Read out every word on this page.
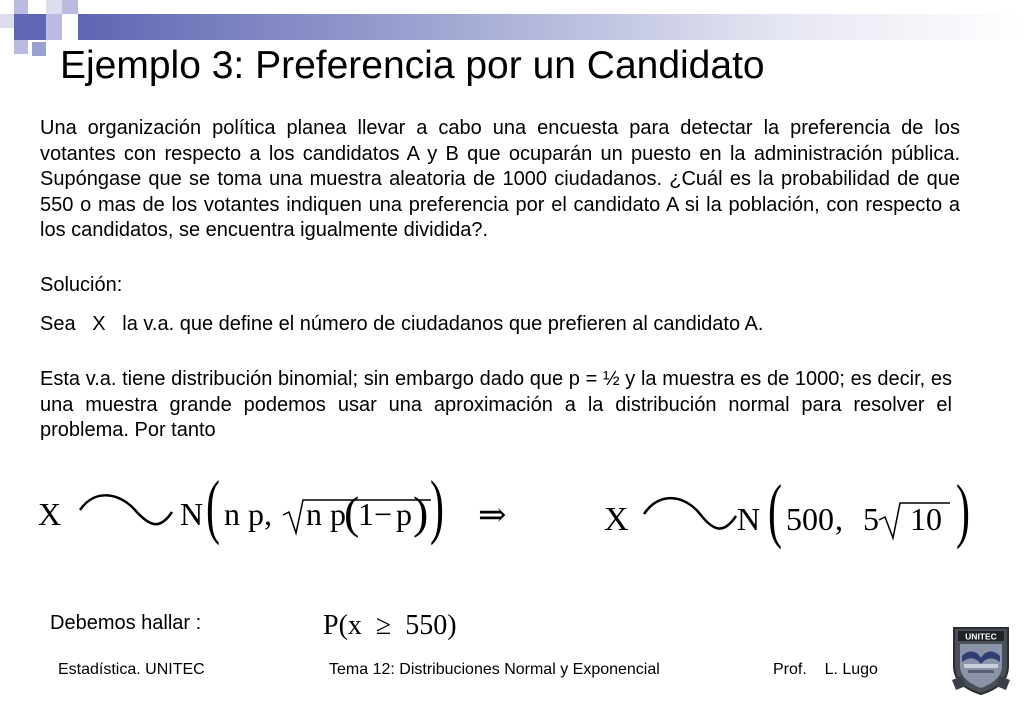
Ejemplo 3: Preferencia por un Candidato

Una organización política planea llevar a cabo una encuesta para detectar la preferencia de los votantes con respecto a los candidatos A y B que ocuparán un puesto en la administración pública. Supóngase que se toma una muestra aleatoria de 1000 ciudadanos. ¿Cuál es la probabilidad de que 550 o mas de los votantes indiquen una preferencia por el candidato A si la población, con respecto a los candidatos, se encuentra igualmente dividida?.

Solución:

Sea   X   la v.a. que define el número de ciudadanos que prefieren al candidato A.

Esta v.a. tiene distribución binomial; sin embargo dado que p = ½ y la muestra es de 1000; es decir, es una muestra grande podemos usar una aproximación a la distribución normal para resolver el problema. Por tanto

X	N ( n p, n p
(
1 − p ) ) ⇒	X	N ( 500 , 5 10 )
Debemos hallar :	P(x  ≥  550)
Estadística. UNITEC	Tema 12: Distribuciones Normal y Exponencial	Prof.    L. Lugo
UNITEC
